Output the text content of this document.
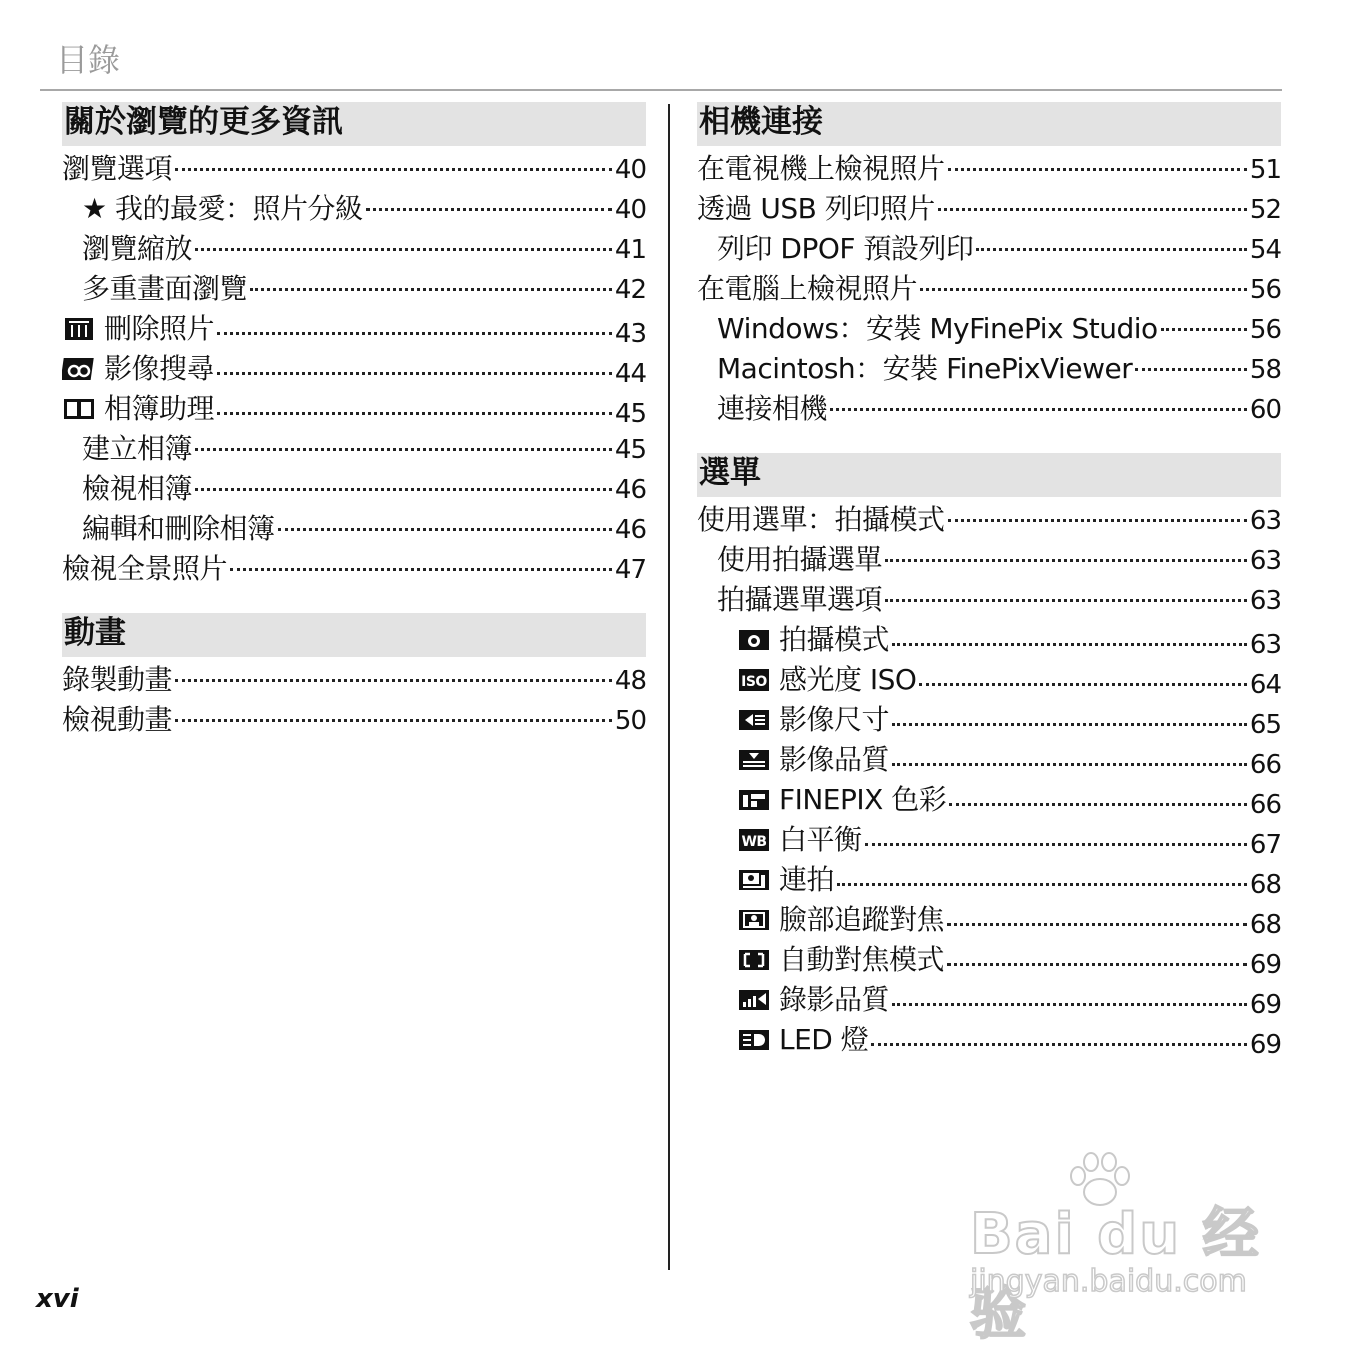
目錄
關於瀏覽的更多資訊
瀏覽選項	40
★ 我的最愛：照片分級	40
瀏覽縮放	41
多重畫面瀏覽	42
刪除照片	43
影像搜尋	44
相簿助理	45
建立相簿	45
檢視相簿	46
編輯和刪除相簿	46
檢視全景照片	47
動畫
錄製動畫	48
檢視動畫	50
相機連接
在電視機上檢視照片	51
透過 USB 列印照片	52
列印 DPOF 預設列印	54
在電腦上檢視照片	56
Windows：安裝 MyFinePix Studio	56
Macintosh：安裝 FinePixViewer	58
連接相機	60
選單
使用選單：拍攝模式	63
使用拍攝選單	63
拍攝選單選項	63
拍攝模式	63
ISO 感光度 ISO	64
影像尺寸	65
影像品質	66
FINEPIX 色彩	66
WB 白平衡	67
連拍	68
臉部追蹤對焦	68
自動對焦模式	69
錄影品質	69
LED 燈	69
xvi
Bai du 经验
jingyan.baidu.com
